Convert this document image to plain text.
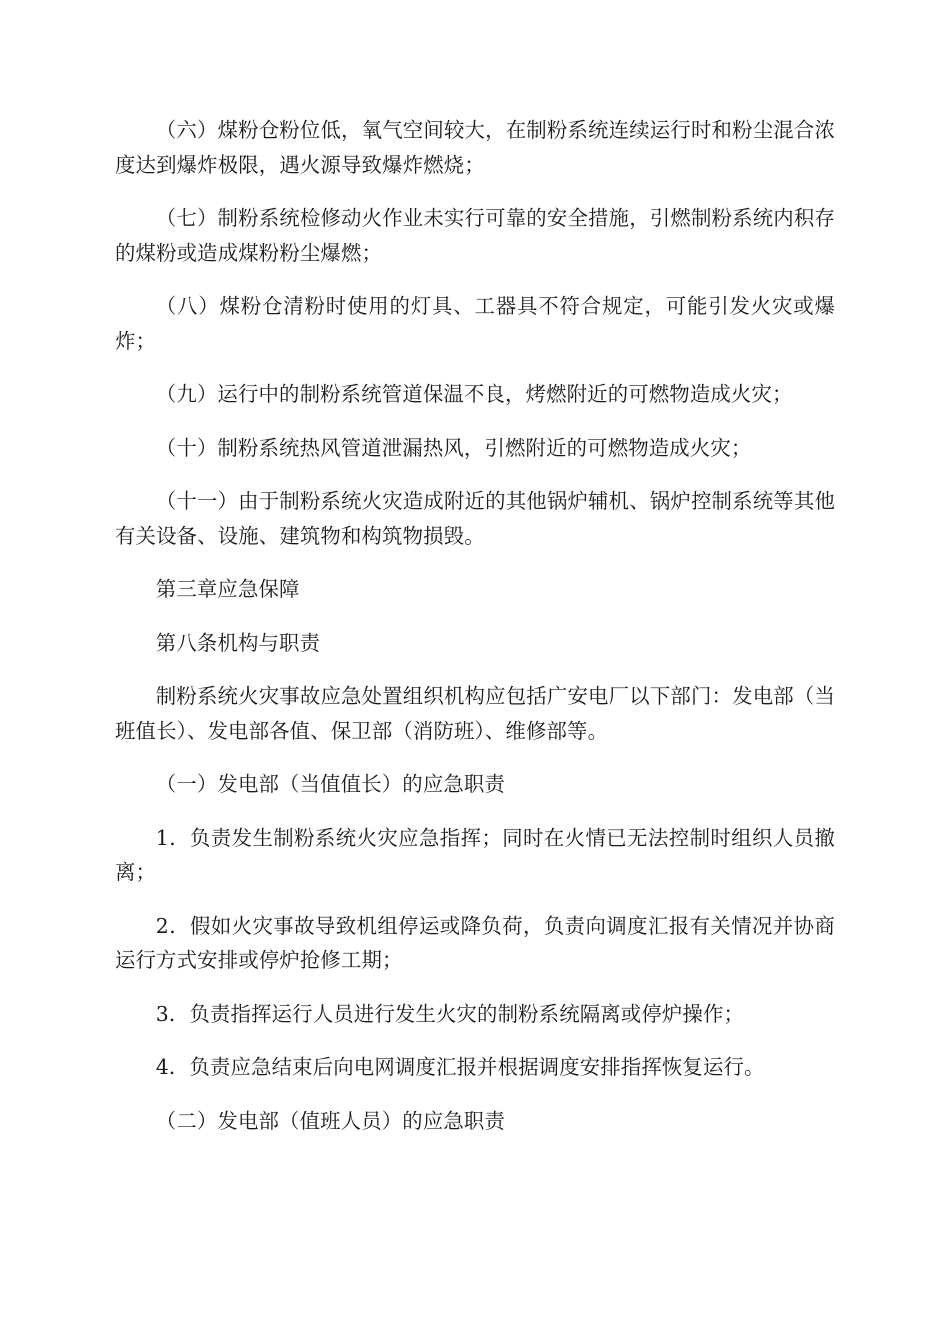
（六）煤粉仓粉位低，氧气空间较大，在制粉系统连续运行时和粉尘混合浓度达到爆炸极限，遇火源导致爆炸燃烧；

（七）制粉系统检修动火作业未实行可靠的安全措施，引燃制粉系统内积存的煤粉或造成煤粉粉尘爆燃；

（八）煤粉仓清粉时使用的灯具、工器具不符合规定，可能引发火灾或爆炸；

（九）运行中的制粉系统管道保温不良，烤燃附近的可燃物造成火灾；

（十）制粉系统热风管道泄漏热风，引燃附近的可燃物造成火灾；

（十一）由于制粉系统火灾造成附近的其他锅炉辅机、锅炉控制系统等其他有关设备、设施、建筑物和构筑物损毁。

第三章应急保障

第八条机构与职责

制粉系统火灾事故应急处置组织机构应包括广安电厂以下部门：发电部（当班值长）、发电部各值、保卫部（消防班）、维修部等。

（一）发电部（当值值长）的应急职责

1．负责发生制粉系统火灾应急指挥；同时在火情已无法控制时组织人员撤离；

2．假如火灾事故导致机组停运或降负荷，负责向调度汇报有关情况并协商运行方式安排或停炉抢修工期；

3．负责指挥运行人员进行发生火灾的制粉系统隔离或停炉操作；

4．负责应急结束后向电网调度汇报并根据调度安排指挥恢复运行。

（二）发电部（值班人员）的应急职责
